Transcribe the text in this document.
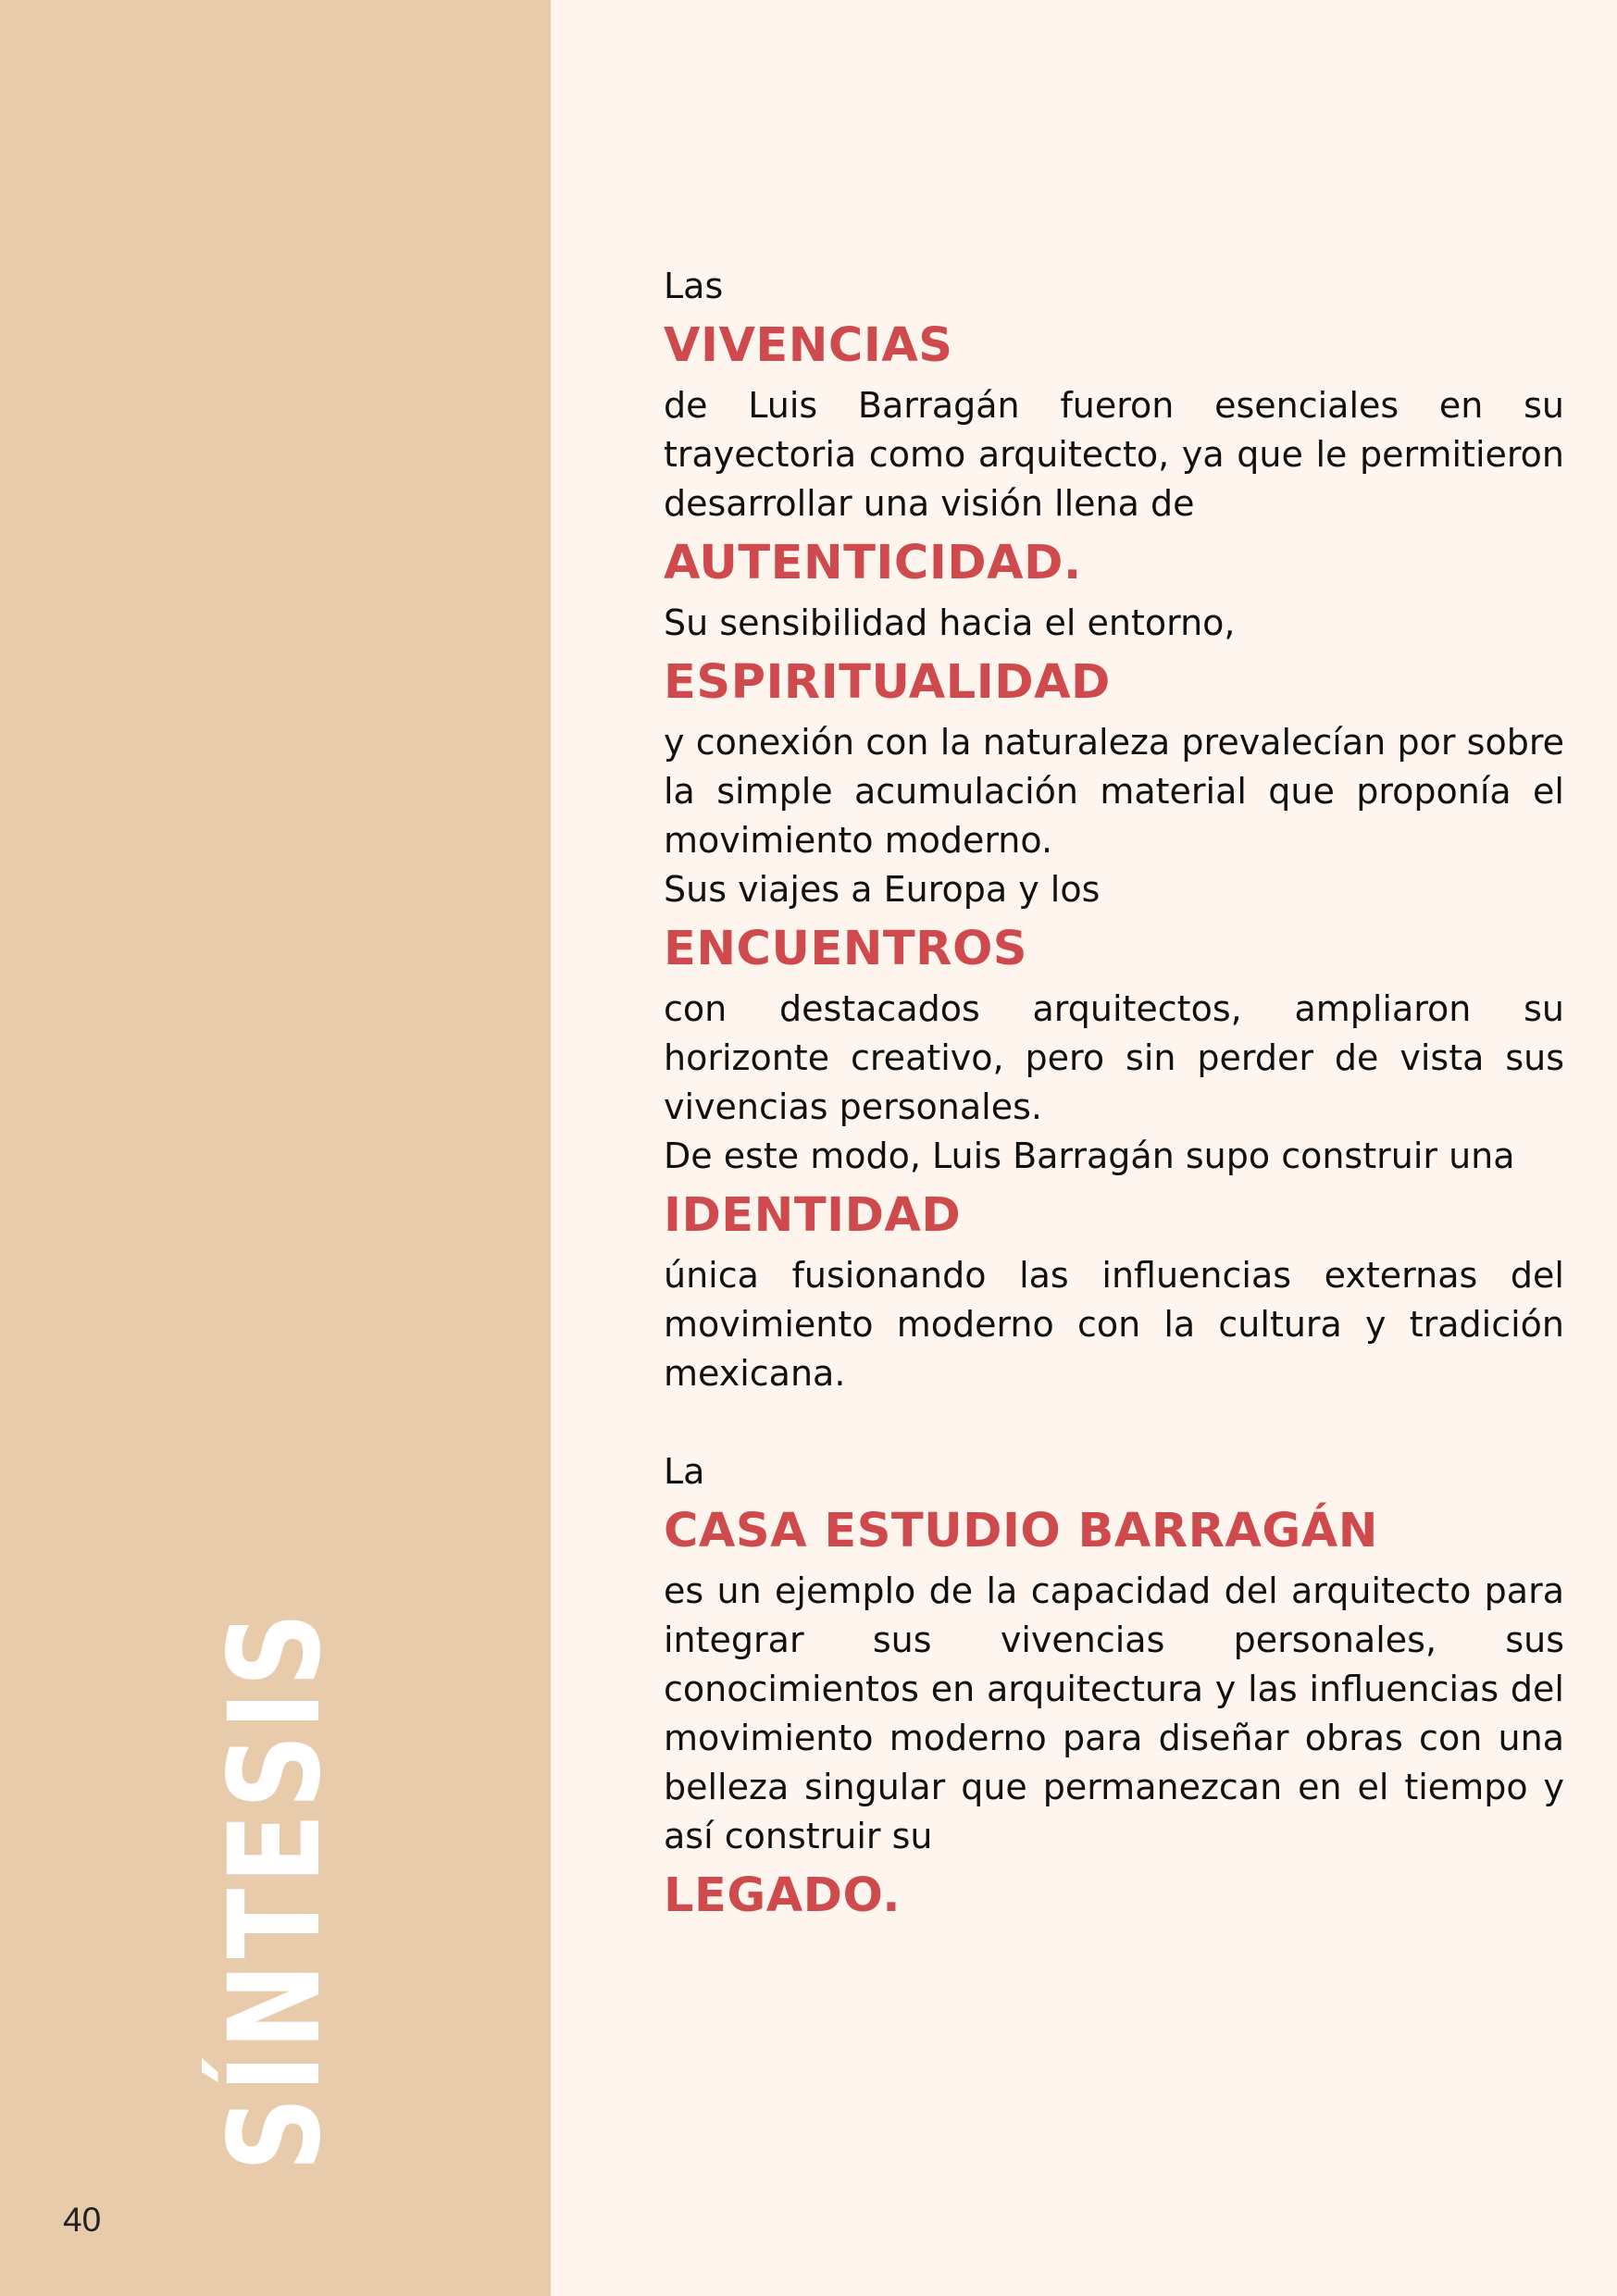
SÍNTESIS
40

Las

VIVENCIAS

de Luis Barragán fueron esenciales en su trayectoria como arquitecto, ya que le permitieron desarrollar una visión llena de

AUTENTICIDAD.

Su sensibilidad hacia el entorno,

ESPIRITUALIDAD

y conexión con la naturaleza prevalecían por sobre la simple acumulación material que proponía el movimiento moderno.

Sus viajes a Europa y los

ENCUENTROS

con destacados arquitectos, ampliaron su horizonte creativo, pero sin perder de vista sus vivencias personales.

De este modo, Luis Barragán supo construir una

IDENTIDAD

única fusionando las influencias externas del movimiento moderno con la cultura y tradición mexicana.

La

CASA ESTUDIO BARRAGÁN

es un ejemplo de la capacidad del arquitecto para integrar sus vivencias personales, sus conocimientos en arquitectura y las influencias del movimiento moderno para diseñar obras con una belleza singular que permanezcan en el tiempo y así construir su

LEGADO.
